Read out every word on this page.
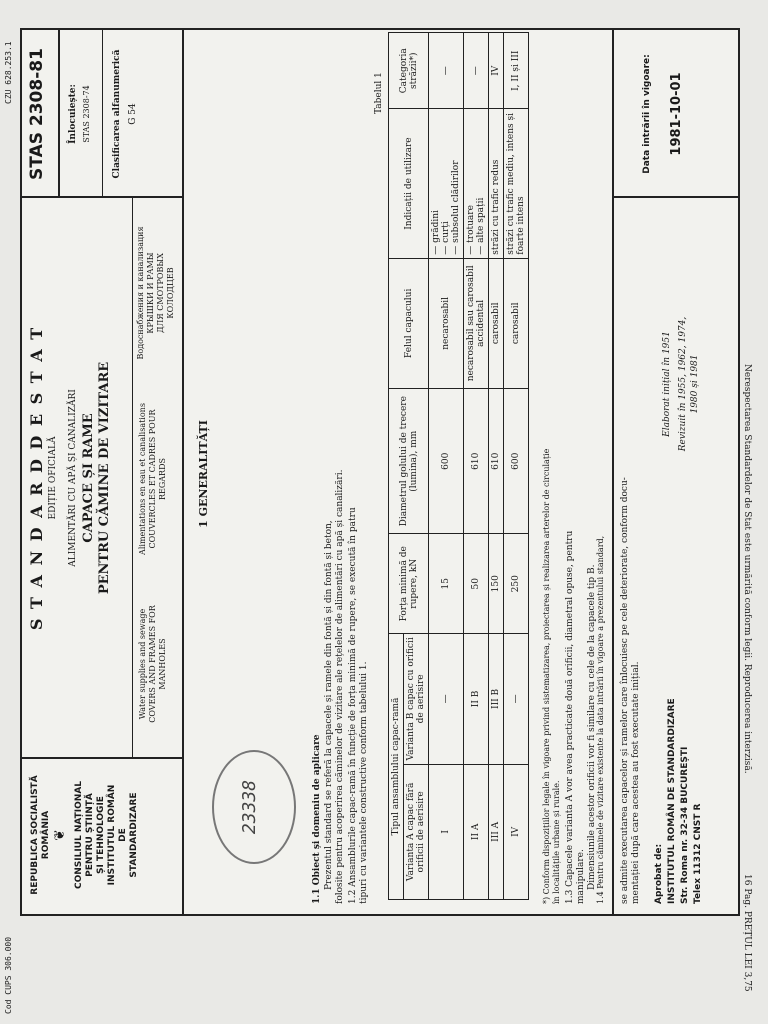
Cod CUPS 306.000
CZU 628.253.1
Nerespectarea Standardelor de Stat este urmărită conform legii. Reproducerea interzisă.
16 Pag. PREȚUL LEI 3,75
REPUBLICA SOCIALISTĂ ROMÂNIA ❦ CONSILIUL NAȚIONAL PENTRU ȘTIINȚĂ ȘI TEHNOLOGIE INSTITUTUL ROMÂN DE STANDARDIZARE
S T A N D A R D D E S T A T EDIȚIE OFICIALĂ ALIMENTĂRI CU APĂ ȘI CANALIZĂRI CAPACE ȘI RAME PENTRU CĂMINE DE VIZITARE
Water supplies and sewage COVERS AND FRAMES FOR MANHOLES
Alimentations en eau et canalisations COUVERCLES ET CADRES POUR REGARDS
Водоснабжения и канализация КРЫШКИ И РАМЫ ДЛЯ СМОТРОВЫХ КОЛОДЦЕВ
STAS 2308-81 Înlocuiește: STAS 2308-74 Clasificarea alfanumerică G 54
23338
1 GENERALITĂȚI
1.1 Obiect și domeniu de aplicare Prezentul standard se referă la capacele și ramele din fontă și din fontă și beton, folosite pentru acoperirea căminelor de vizitare ale rețelelor de alimentări cu apă și canalizări. 1.2 Ansamblurile capac-ramă în funcție de forța minimă de rupere, se execută în patru tipuri cu variantele constructive conform tabelului 1.
Tabelul 1
Tipul ansamblului capac-ramă		Forța minimă de rupere, kN	Diametrul golului de trecere (lumina), mm	Felul capacului	Indicații de utilizare	Categoria străzii*)
Varianta A capac fără orificii de aerisire	Varianta B capac cu orificii de aerisire					
I	—	15	600	necarosabil	— grădini
— curți
— subsolul clădirilor	—
II A	II B	50	610	necarosabil sau carosabil accidental	— trotuare
— alte spații	—
III A	III B	150	610	carosabil	străzi cu trafic redus	IV
IV	—	250	600	carosabil	străzi cu trafic mediu, intens și foarte intens	I, II și III
*) Conform dispozițiilor legale în vigoare privind sistematizarea, proiectarea și realizarea arterelor de circulație în localitățile urbane și rurale. 1.3 Capacele varianta A vor avea practicate două orificii, diametral opuse, pentru manipulare. Dimensiunile acestor orificii vor fi similare cu cele de la capacele tip B. 1.4 Pentru căminele de vizitare existente la data intrării în vigoare a prezentului standard, se admite executarea capacelor și ramelor care înlocuiesc pe cele deteriorate, conform docu- mentației după care acestea au fost executate inițial. Aprobat de: INSTITUTUL ROMÂN DE STANDARDIZARE Str. Roma nr. 32-34 BUCUREȘTI Telex 11312 CNST R
Elaborat inițial în 1951 Revizuit în 1955, 1962, 1974, 1980 și 1981
Data intrării în vigoare: 1981-10-01
